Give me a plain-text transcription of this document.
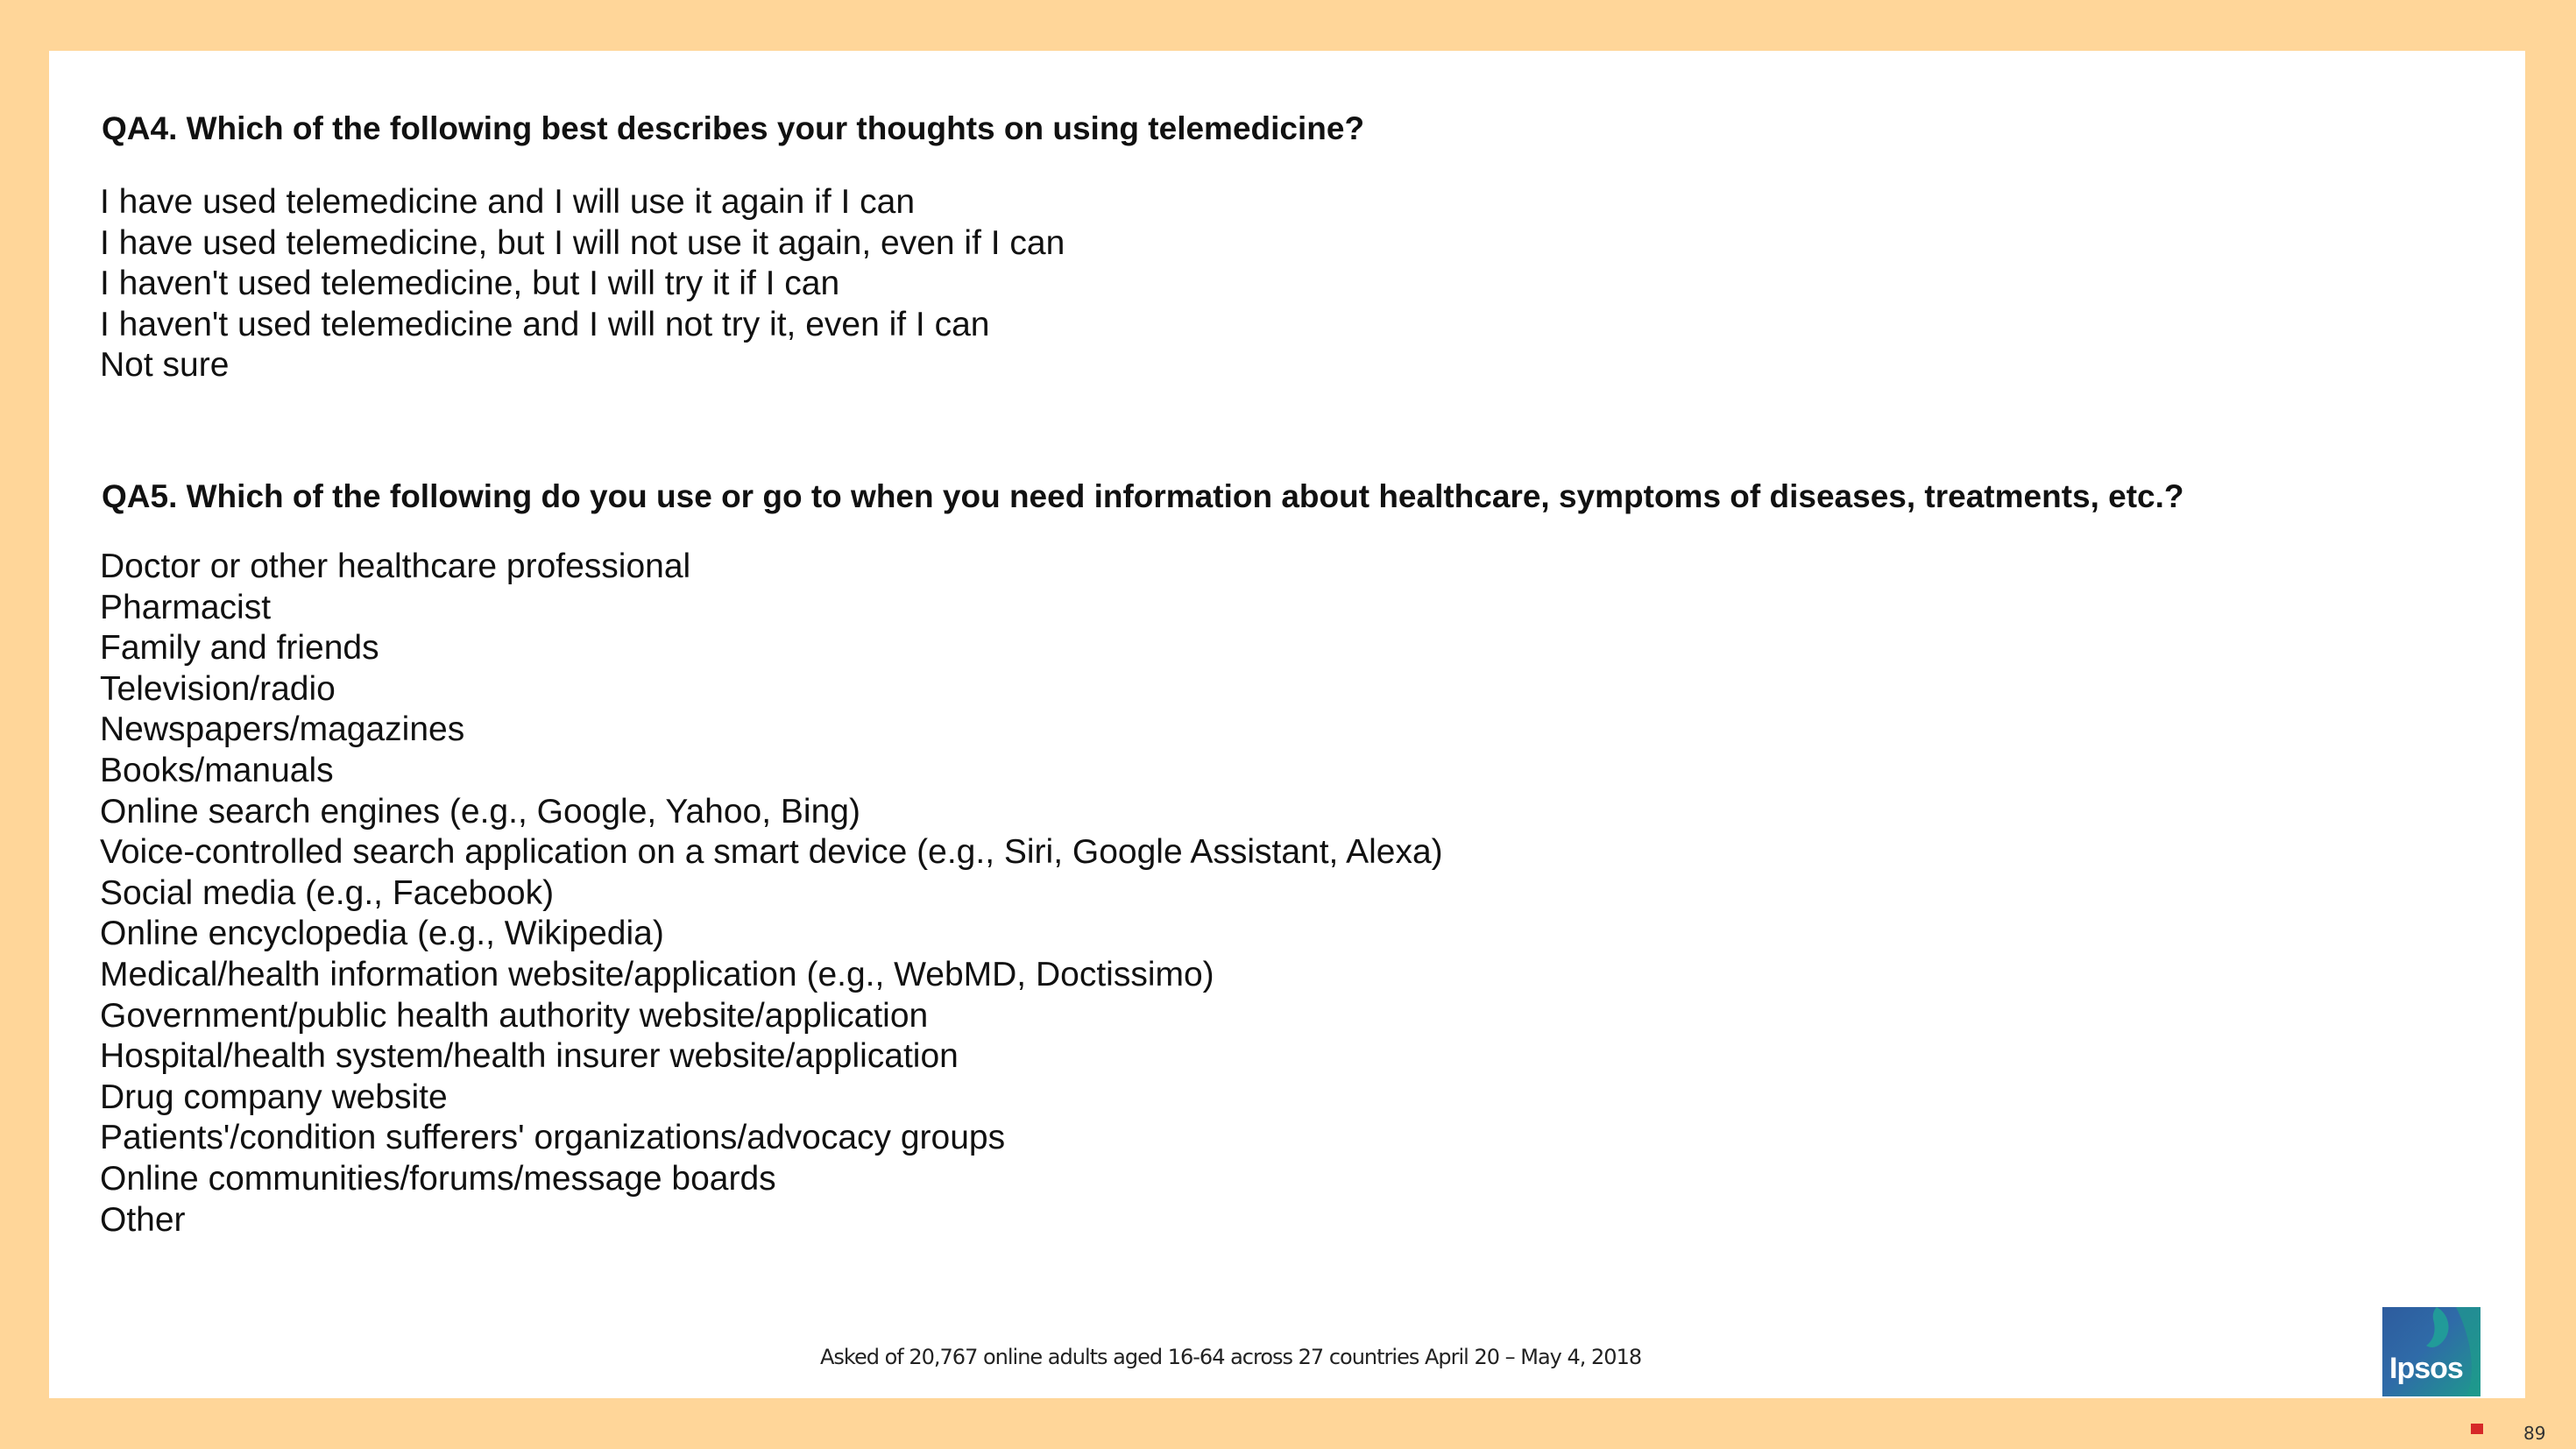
QA4. Which of the following best describes your thoughts on using telemedicine?
I have used telemedicine and I will use it again if I can
I have used telemedicine, but I will not use it again, even if I can
I haven't used telemedicine, but I will try it if I can
I haven't used telemedicine and I will not try it, even if I can
Not sure
QA5. Which of the following do you use or go to when you need information about healthcare, symptoms of diseases, treatments, etc.?
Doctor or other healthcare professional
Pharmacist
Family and friends
Television/radio
Newspapers/magazines
Books/manuals
Online search engines (e.g., Google, Yahoo, Bing)
Voice-controlled search application on a smart device (e.g., Siri, Google Assistant, Alexa)
Social media (e.g., Facebook)
Online encyclopedia (e.g., Wikipedia)
Medical/health information website/application (e.g., WebMD, Doctissimo)
Government/public health authority website/application
Hospital/health system/health insurer website/application
Drug company website
Patients'/condition sufferers' organizations/advocacy groups
Online communities/forums/message boards
Other

Asked of 20,767 online adults aged 16-64 across 27 countries April 20 – May 4, 2018	Ipsos
89
